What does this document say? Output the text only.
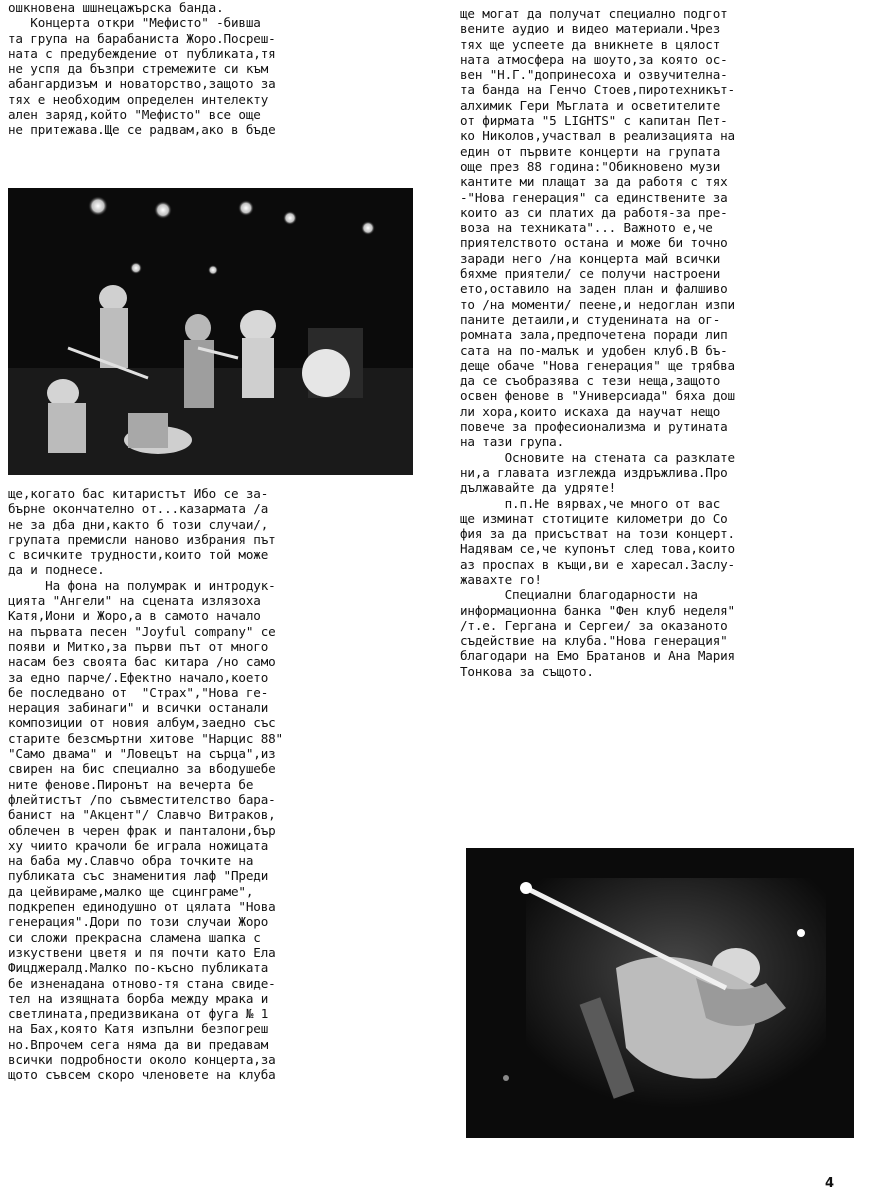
ошкновена шшнецажърска банда.
Концерта откри "Мефисто" -бивша
та група на барабаниста Жоро.Посреш-
ната с предубеждение от публиката,тя
не успя да бъзпри стремежите си към
абангардизъм и новаторство,защото за
тях е необходим определен интелекту
ален заряд,който "Мефисто" все още
не притежава.Ще се радвам,ако в бъде
ще,когато бас китаристът Ибо се за-
бърне окончателно от...казармата /а
не за дба дни,както б този случаи/,
групата премисли наново избрания път
с всичките трудности,които той може
да и поднесе.
На фона на полумрак и интродук-
цията "Ангели" на сцената излязоха
Катя,Иони и Жоро,а в самото начало
на първата песен "Joyful company" се
появи и Митко,за първи път от много
насам без своята бас китара /но само
за едно парче/.Ефектно начало,което
бе последвано от  "Страх","Нова ге-
нерация забинаги" и всички останали
композиции от новия албум,заедно със
старите безсмъртни хитове "Нарцис 88"
"Само двама" и "Ловецът на сърца",из
свирен на бис специално за вбодушебе
ните фенове.Пиронът на вечерта бе
флейтистът /по съвместителство бара-
банист на "Акцент"/ Славчо Витраков,
облечен в черен фрак и панталони,бър
ху чиито крачоли бе играла ножицата
на баба му.Славчо обра точките на
публиката със знаменития лаф "Преди
да цейвираме,малко ще сцинграме",
подкрепен единодушно от цялата "Нова
генерация".Дори по този случаи Жоро
си сложи прекрасна сламена шапка с
изкуствени цветя и пя почти като Ела
Фицджералд.Малко по-късно публиката
бе изненадана отново-тя стана свиде-
тел на изящната борба между мрака и
светлината,предизвикана от фуга № 1
на Бах,която Катя изпълни безпогреш
но.Впрочем сега няма да ви предавам
всички подробности около концерта,за
щото съвсем скоро членовете на клуба
ще могат да получат специално подгот
вените аудио и видео материали.Чрез
тях ще успеете да вникнете в цялост
ната атмосфера на шоуто,за която ос-
вен "Н.Г."допринесоха и озвучителна-
та банда на Генчо Стоев,пиротехникът-
алхимик Гери Мъглата и осветителите
от фирмата "5 LIGHTS" с капитан Пет-
ко Николов,участвал в реализацията на
един от първите концерти на групата
още през 88 година:"Обикновено музи
кантите ми плащат за да работя с тях
-"Нова генерация" са единствените за
които аз си платих да работя-за пре-
воза на техниката"... Важното е,че
приятелството остана и може би точно
заради него /на концерта май всички
бяхме приятели/ се получи настроени
ето,оставило на заден план и фалшиво
то /на моменти/ пеене,и недоглан изпи
паните детаили,и студенината на ог-
ромната зала,предпочетена поради лип
сата на по-малък и удобен клуб.В бъ-
деще обаче "Нова генерация" ще трябва
да се съобразява с тези неща,защото
освен феновe в "Универсиада" бяха дош
ли хора,които искаха да научат нещо
повече за професионализма и рутината
на тази група.
Основите на стената са разклате
ни,а главата изглежда издръжлива.Про
дължавайте да удряте!
п.п.Не вярвах,че много от вас
ще изминат стотиците километри до Со
фия за да присъстват на този концерт.
Надявам се,че купонът след това,които
аз проспах в къщи,ви е харесал.Заслу-
жавахте го!
Специални благодарности на
информационна банка "Фен клуб неделя"
/т.е. Гергана и Сергеи/ за оказаното
съдействие на клуба."Нова генерация"
благодари на Емо Братанов и Ана Мария
Тонкова за същото.
4
